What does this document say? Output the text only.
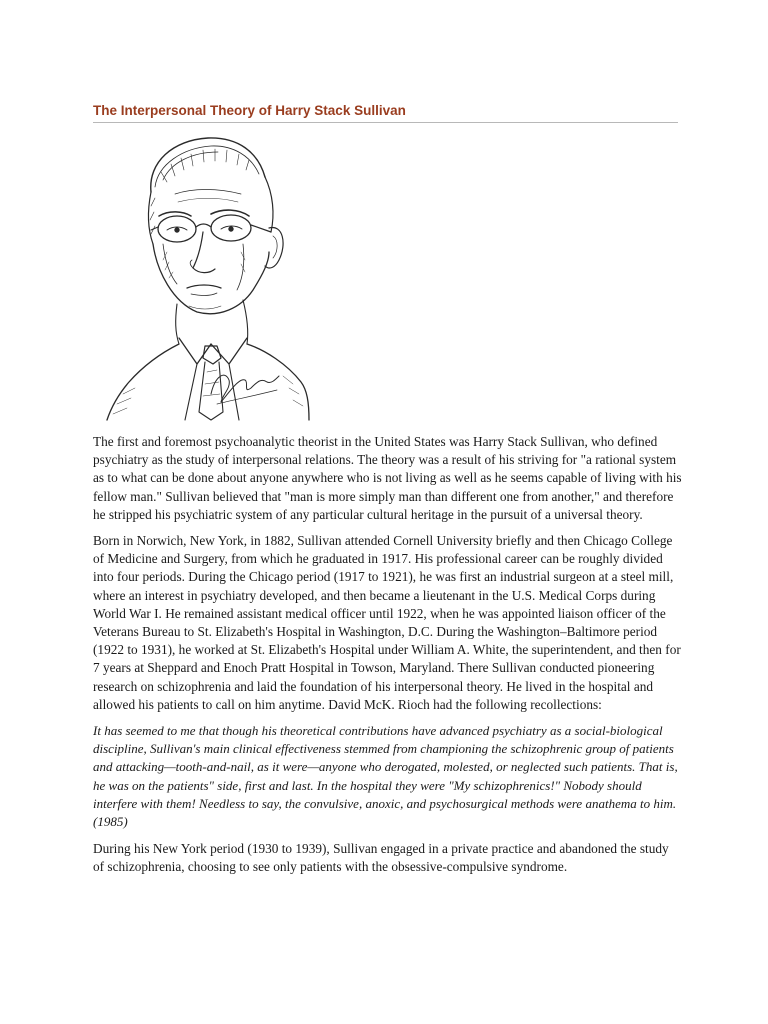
The Interpersonal Theory of Harry Stack Sullivan

The first and foremost psychoanalytic theorist in the United States was Harry Stack Sullivan, who defined psychiatry as the study of interpersonal relations. The theory was a result of his striving for "a rational system as to what can be done about anyone anywhere who is not living as well as he seems capable of living with his fellow man." Sullivan believed that "man is more simply man than different one from another," and therefore he stripped his psychiatric system of any particular cultural heritage in the pursuit of a universal theory.

Born in Norwich, New York, in 1882, Sullivan attended Cornell University briefly and then Chicago College of Medicine and Surgery, from which he graduated in 1917. His professional career can be roughly divided into four periods. During the Chicago period (1917 to 1921), he was first an industrial surgeon at a steel mill, where an interest in psychiatry developed, and then became a lieutenant in the U.S. Medical Corps during World War I. He remained assistant medical officer until 1922, when he was appointed liaison officer of the Veterans Bureau to St. Elizabeth's Hospital in Washington, D.C. During the Washington–Baltimore period (1922 to 1931), he worked at St. Elizabeth's Hospital under William A. White, the superintendent, and then for 7 years at Sheppard and Enoch Pratt Hospital in Towson, Maryland. There Sullivan conducted pioneering research on schizophrenia and laid the foundation of his interpersonal theory. He lived in the hospital and allowed his patients to call on him anytime. David McK. Rioch had the following recollections:

It has seemed to me that though his theoretical contributions have advanced psychiatry as a social-biological discipline, Sullivan's main clinical effectiveness stemmed from championing the schizophrenic group of patients and attacking—tooth-and-nail, as it were—anyone who derogated, molested, or neglected such patients. That is, he was on the patients" side, first and last. In the hospital they were "My schizophrenics!" Nobody should interfere with them! Needless to say, the convulsive, anoxic, and psychosurgical methods were anathema to him. (1985)

During his New York period (1930 to 1939), Sullivan engaged in a private practice and abandoned the study of schizophrenia, choosing to see only patients with the obsessive-compulsive syndrome.
